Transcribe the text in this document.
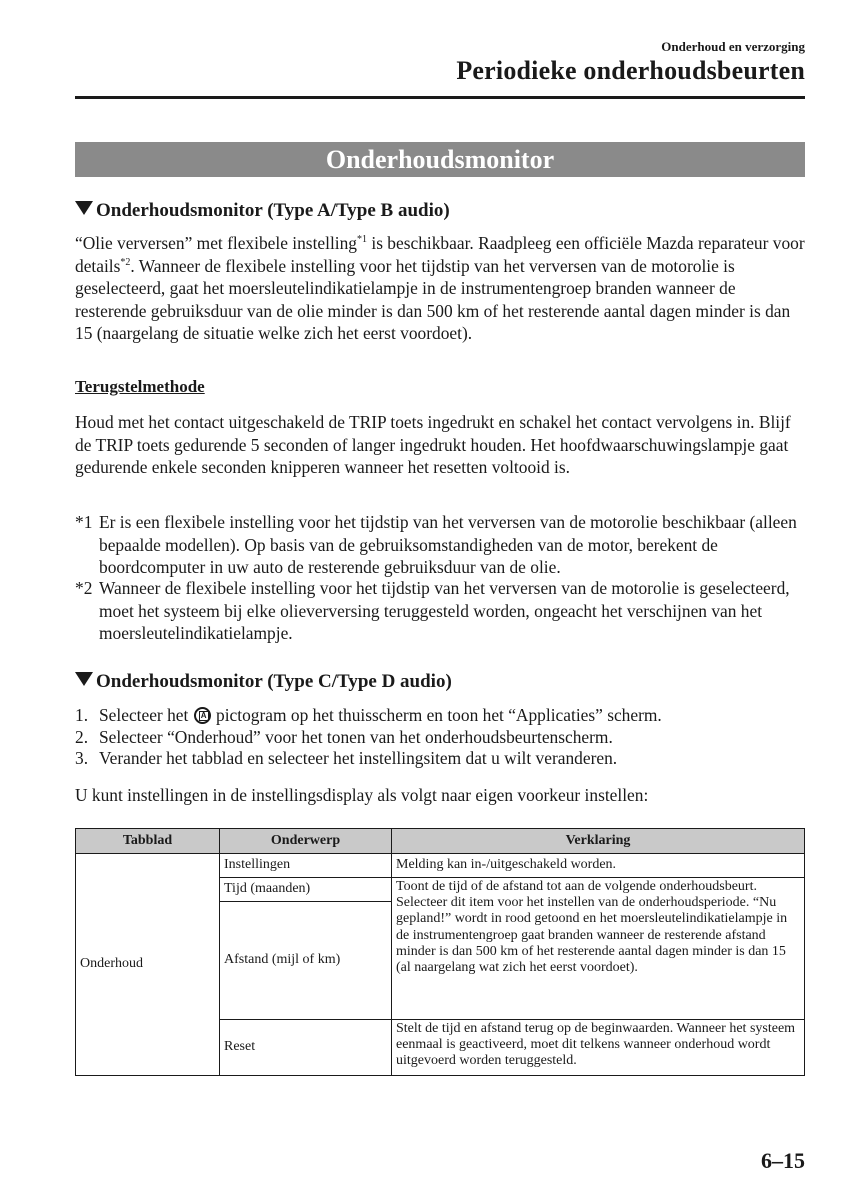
Onderhoud en verzorging
Periodieke onderhoudsbeurten
Onderhoudsmonitor
Onderhoudsmonitor (Type A/Type B audio)

“Olie verversen” met flexibele instelling$^{*1}$ is beschikbaar. Raadpleeg een officiële Mazda reparateur voor details$^{*2}$. Wanneer de flexibele instelling voor het tijdstip van het verversen van de motorolie is geselecteerd, gaat het moersleutelindikatielampje in de instrumentengroep branden wanneer de resterende gebruiksduur van de olie minder is dan 500 km of het resterende aantal dagen minder is dan 15 (naargelang de situatie welke zich het eerst voordoet).

Terugstelmethode

Houd met het contact uitgeschakeld de TRIP toets ingedrukt en schakel het contact vervolgens in. Blijf de TRIP toets gedurende 5 seconden of langer ingedrukt houden. Het hoofdwaarschuwingslampje gaat gedurende enkele seconden knipperen wanneer het resetten voltooid is.

*1 Er is een flexibele instelling voor het tijdstip van het verversen van de motorolie beschikbaar (alleen bepaalde modellen). Op basis van de gebruiksomstandigheden van de motor, berekent de boordcomputer in uw auto de resterende gebruiksduur van de olie.
*2 Wanneer de flexibele instelling voor het tijdstip van het verversen van de motorolie is geselecteerd, moet het systeem bij elke olieverversing teruggesteld worden, ongeacht het verschijnen van het moersleutelindikatielampje.
Onderhoudsmonitor (Type C/Type D audio)
1. Selecteer het A pictogram op het thuisscherm en toon het “Applicaties” scherm.
2. Selecteer “Onderhoud” voor het tonen van het onderhoudsbeurtenscherm.
3. Verander het tabblad en selecteer het instellingsitem dat u wilt veranderen.

U kunt instellingen in de instellingsdisplay als volgt naar eigen voorkeur instellen:

Tabblad	Onderwerp	Verklaring
Onderhoud	Instellingen	Melding kan in-/uitgeschakeld worden.
	Tijd (maanden)	Toont de tijd of de afstand tot aan de volgende onderhoudsbeurt. Selecteer dit item voor het instellen van de onderhoudsperiode. “Nu gepland!” wordt in rood getoond en het moersleutelindikatielampje in de instrumentengroep gaat branden wanneer de resterende afstand minder is dan 500 km of het resterende aantal dagen minder is dan 15 (al naargelang wat zich het eerst voordoet).
	Afstand (mijl of km)	
	Reset	Stelt de tijd en afstand terug op de beginwaarden. Wanneer het systeem eenmaal is geactiveerd, moet dit telkens wanneer onderhoud wordt uitgevoerd worden teruggesteld.
6–15
